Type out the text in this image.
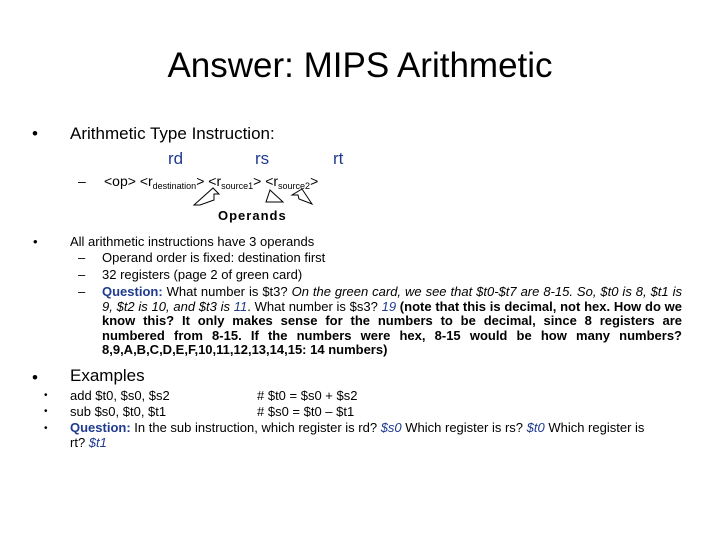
Answer: MIPS Arithmetic
• Arithmetic Type Instruction:
rd	rs	rt
– $<op> <r_{destination}> <r_{source1}> <r_{source2}>$
Operands
• All arithmetic instructions have 3 operands
– Operand order is fixed: destination first
– 32 registers (page 2 of green card)
– Question: What number is $t3? On the green card, we see that $t0-$t7 are 8-15. So, $t0 is 8, $t1 is 9, $t2 is 10, and $t3 is 11. What number is $s3? 19 (note that this is decimal, not hex. How do we know this? It only makes sense for the numbers to be decimal, since 8 registers are numbered from 8-15. If the numbers were hex, 8-15 would be how many numbers? 8,9,A,B,C,D,E,F,10,11,12,13,14,15: 14 numbers)
• Examples
• add $t0, $s0, $s2	# $t0 = $s0 + $s2
• sub $s0, $t0, $t1	# $s0 = $t0 – $t1
• Question: In the sub instruction, which register is rd? $s0 Which register is rs? $t0 Which register is rt? $t1
